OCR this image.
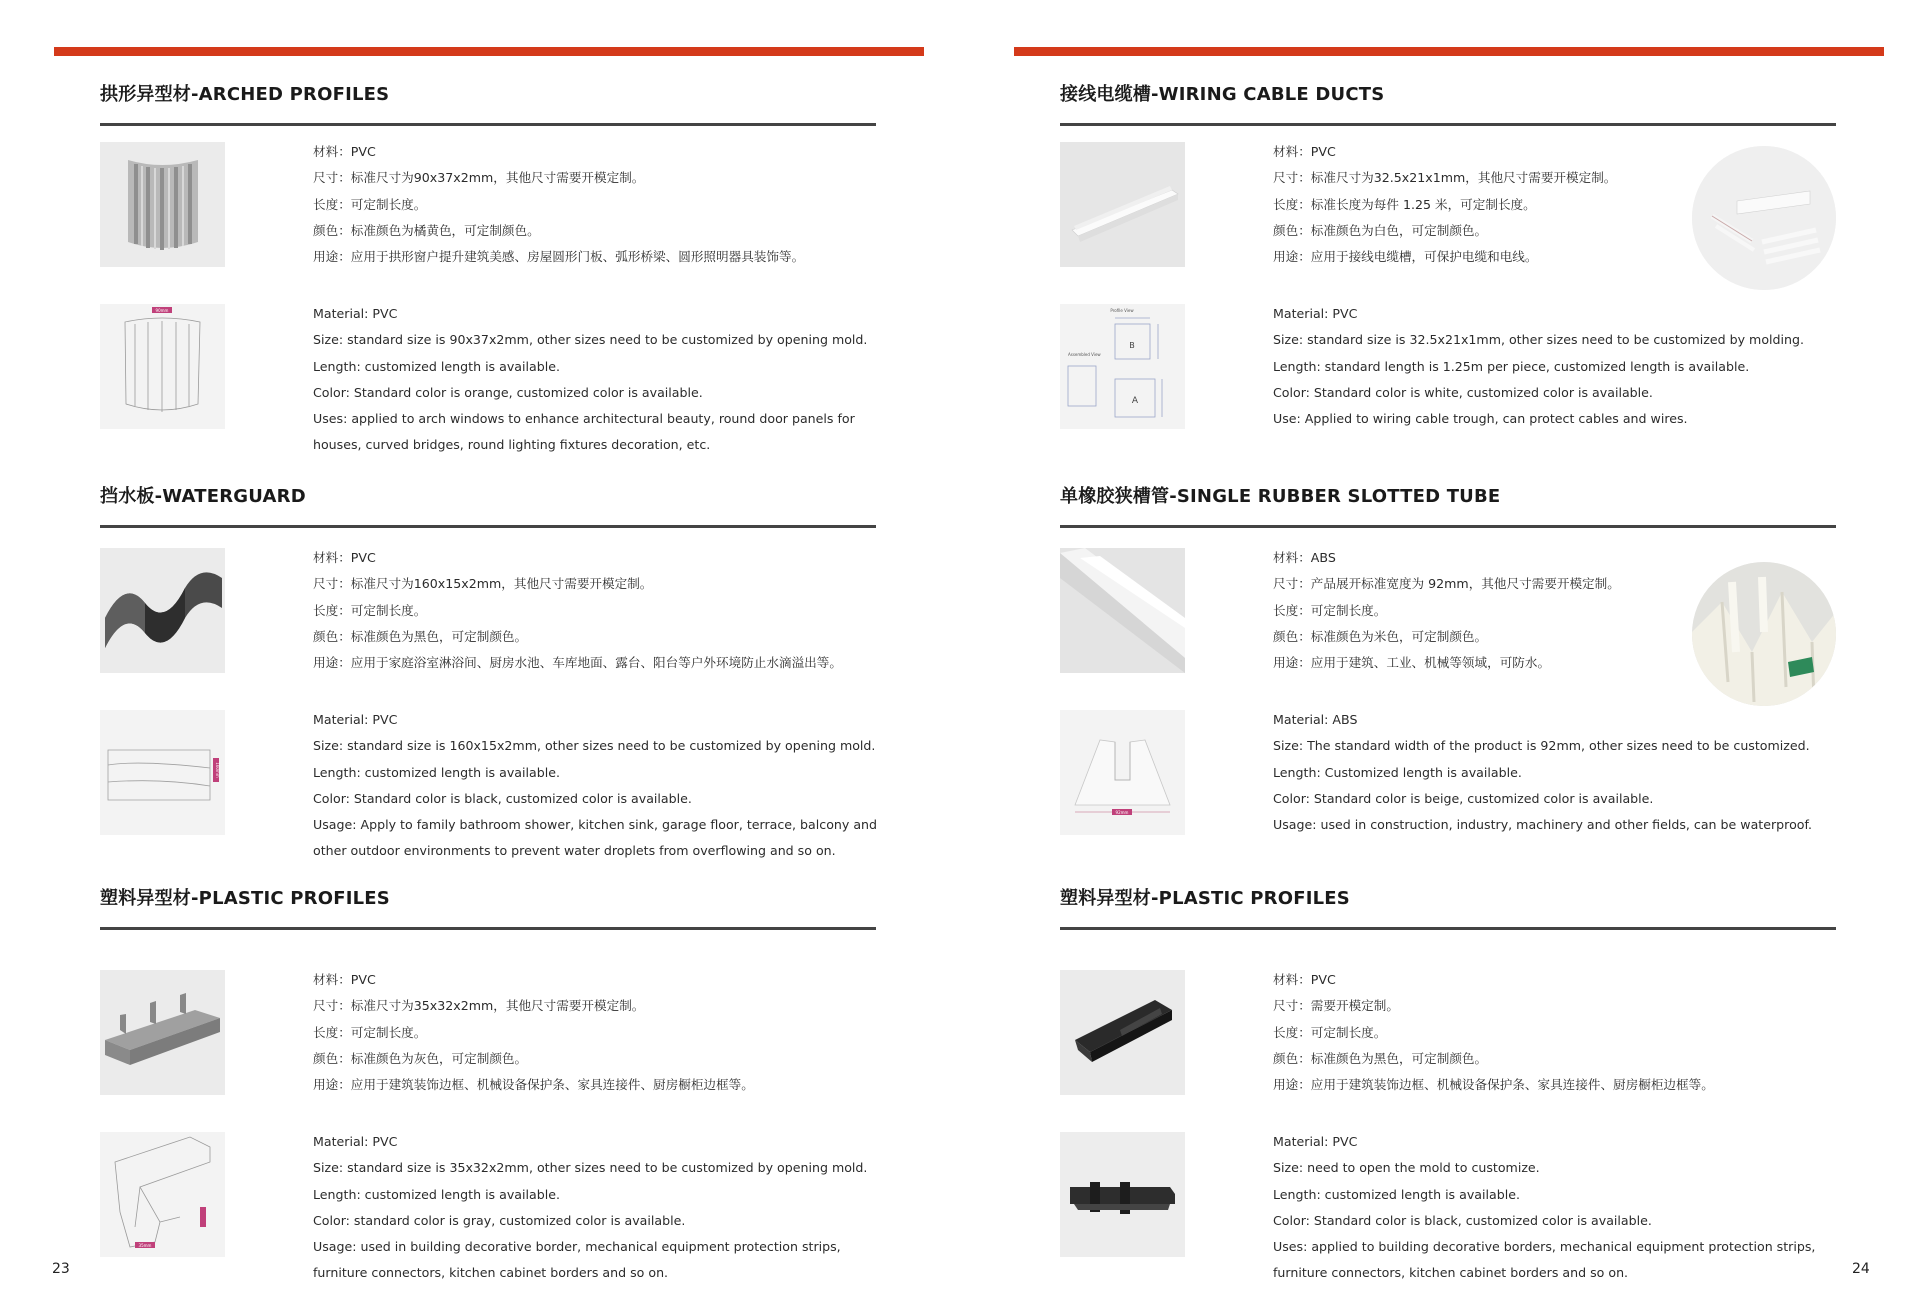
拱形异型材-ARCHED PROFILES
材料：PVC
尺寸：标准尺寸为90x37x2mm，其他尺寸需要开模定制。
长度：可定制长度。
颜色：标准颜色为橘黄色，可定制颜色。
用途：应用于拱形窗户提升建筑美感、房屋圆形门板、弧形桥梁、圆形照明器具装饰等。
90mm	Material: PVC
Size: standard size is 90x37x2mm, other sizes need to be customized by opening mold.
Length: customized length is available.
Color: Standard color is orange, customized color is available.
Uses: applied to arch windows to enhance architectural beauty, round door panels for houses, curved bridges, round lighting fixtures decoration, etc.
挡水板-WATERGUARD
材料：PVC
尺寸：标准尺寸为160x15x2mm，其他尺寸需要开模定制。
长度：可定制长度。
颜色：标准颜色为黑色，可定制颜色。
用途：应用于家庭浴室淋浴间、厨房水池、车库地面、露台、阳台等户外环境防止水滴溢出等。
160mm
Material: PVC
Size: standard size is 160x15x2mm, other sizes need to be customized by opening mold.
Length: customized length is available.
Color: Standard color is black, customized color is available.
Usage: Apply to family bathroom shower, kitchen sink, garage floor, terrace, balcony and other outdoor environments to prevent water droplets from overflowing and so on.
塑料异型材-PLASTIC PROFILES
材料：PVC
尺寸：标准尺寸为35x32x2mm，其他尺寸需要开模定制。
长度：可定制长度。
颜色：标准颜色为灰色，可定制颜色。
用途：应用于建筑装饰边框、机械设备保护条、家具连接件、厨房橱柜边框等。
35mm
Material: PVC
Size: standard size is 35x32x2mm, other sizes need to be customized by opening mold.
Length: customized length is available.
Color: standard color is gray, customized color is available.
Usage: used in building decorative border, mechanical equipment protection strips, furniture connectors, kitchen cabinet borders and so on.
23
接线电缆槽-WIRING CABLE DUCTS
材料：PVC
尺寸：标准尺寸为32.5x21x1mm，其他尺寸需要开模定制。
长度：标准长度为每件 1.25 米，可定制长度。
颜色：标准颜色为白色，可定制颜色。
用途：应用于接线电缆槽，可保护电缆和电线。
Profile View
Assembled View
B
A
Material: PVC
Size: standard size is 32.5x21x1mm, other sizes need to be customized by molding.
Length: standard length is 1.25m per piece, customized length is available.
Color: Standard color is white, customized color is available.
Use: Applied to wiring cable trough, can protect cables and wires.
单橡胶狭槽管-SINGLE RUBBER SLOTTED TUBE
材料：ABS
尺寸：产品展开标准宽度为 92mm，其他尺寸需要开模定制。
长度：可定制长度。
颜色：标准颜色为米色，可定制颜色。
用途：应用于建筑、工业、机械等领域，可防水。
92mm
Material: ABS
Size: The standard width of the product is 92mm, other sizes need to be customized.
Length: Customized length is available.
Color: Standard color is beige, customized color is available.
Usage: used in construction, industry, machinery and other fields, can be waterproof.
塑料异型材-PLASTIC PROFILES
材料：PVC
尺寸：需要开模定制。
长度：可定制长度。
颜色：标准颜色为黑色，可定制颜色。
用途：应用于建筑装饰边框、机械设备保护条、家具连接件、厨房橱柜边框等。
Material: PVC
Size: need to open the mold to customize.
Length: customized length is available.
Color: Standard color is black, customized color is available.
Uses: applied to building decorative borders, mechanical equipment protection strips, furniture connectors, kitchen cabinet borders and so on.	24
